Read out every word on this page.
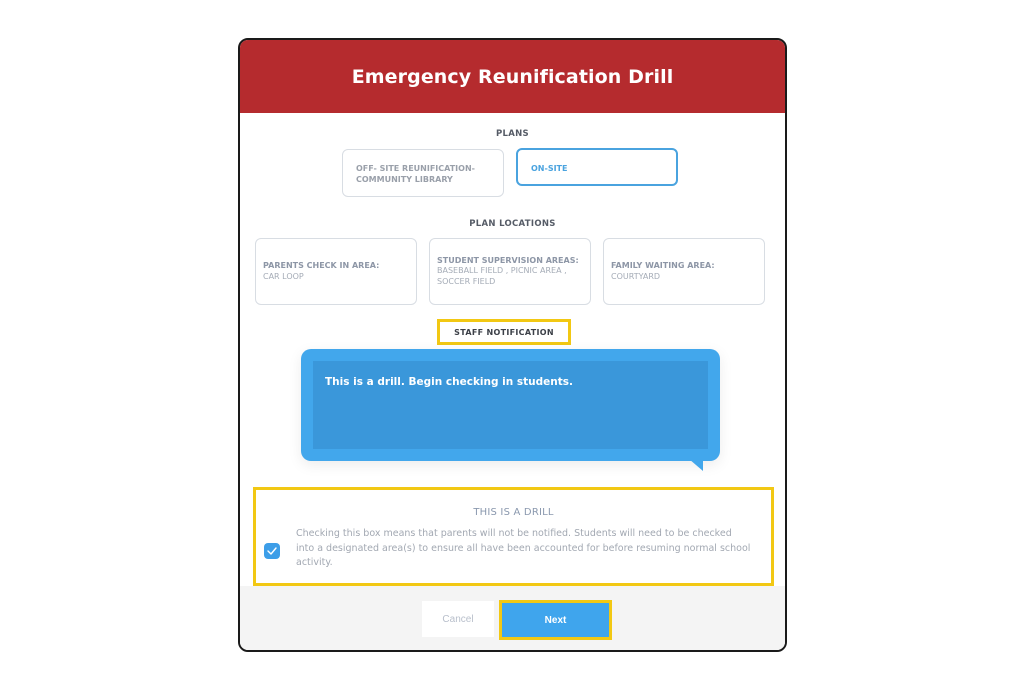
Emergency Reunification Drill
PLANS
OFF- SITE REUNIFICATION-
COMMUNITY LIBRARY
ON-SITE
PLAN LOCATIONS
PARENTS CHECK IN AREA:
CAR LOOP
STUDENT SUPERVISION AREAS:
BASEBALL FIELD , PICNIC AREA , SOCCER FIELD
FAMILY WAITING AREA:
COURTYARD
STAFF NOTIFICATION
This is a drill. Begin checking in students.
THIS IS A DRILL
Checking this box means that parents will not be notified. Students will need to be checked into a designated area(s) to ensure all have been accounted for before resuming normal school activity.
Cancel	Next
